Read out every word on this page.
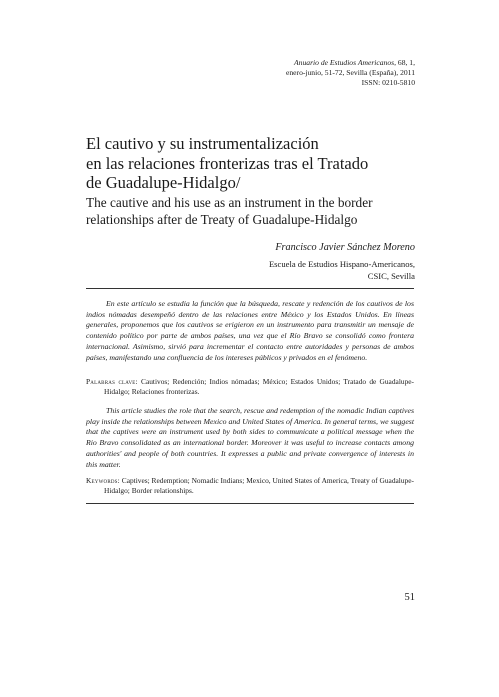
Anuario de Estudios Americanos, 68, 1,
enero-junio, 51-72, Sevilla (España), 2011
ISSN: 0210-5810
El cautivo y su instrumentalización
en las relaciones fronterizas tras el Tratado
de Guadalupe-Hidalgo/
The cautive and his use as an instrument in the border
relationships after de Treaty of Guadalupe-Hidalgo
Francisco Javier Sánchez Moreno
Escuela de Estudios Hispano-Americanos,
CSIC, Sevilla

En este artículo se estudia la función que la búsqueda, rescate y redención de los cautivos de los indios nómadas desempeñó dentro de las relaciones entre México y los Estados Unidos. En líneas generales, proponemos que los cautivos se erigieron en un instrumento para transmitir un mensaje de contenido político por parte de ambos países, una vez que el Río Bravo se consolidó como frontera internacional. Asimismo, sirvió para incrementar el contacto entre autoridades y personas de ambos países, manifestando una confluencia de los intereses públicos y privados en el fenómeno.

Palabras clave: Cautivos; Redención; Indios nómadas; México; Estados Unidos; Tratado de Guadalupe-Hidalgo; Relaciones fronterizas.

This article studies the role that the search, rescue and redemption of the nomadic Indian captives play inside the relationships between Mexico and United States of America. In general terms, we suggest that the captives were an instrument used by both sides to communicate a political message when the Rio Bravo consolidated as an international border. Moreover it was useful to increase contacts among authorities' and people of both countries. It expresses a public and private convergence of interests in this matter.

Keywords: Captives; Redemption; Nomadic Indians; Mexico, United States of America, Treaty of Guadalupe-Hidalgo; Border relationships.

51
